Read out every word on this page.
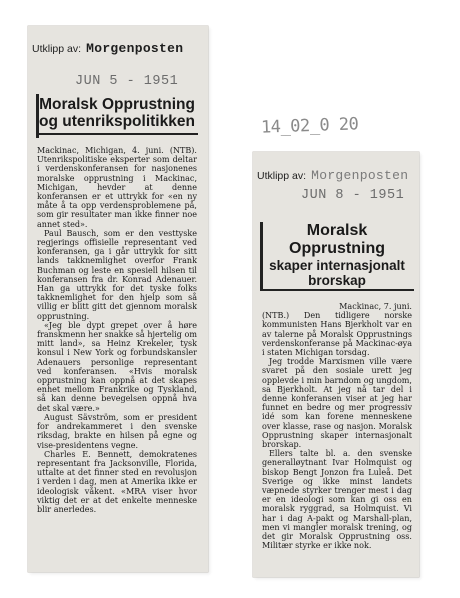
14_02_0 20
Utklipp av: Morgenposten
JUN 5 - 1951
Moralsk Opprustning
og utenrikspolitikken

Mackinac, Michigan, 4. juni. (NTB). Utenrikspolitiske eksperter som deltar i verdenskonferansen for nasjonenes moralske opprustning i Mackinac, Michigan, hevder at denne konferansen er et uttrykk for «en ny måte å ta opp verdensproblemene på, som gir resultater man ikke finner noe annet sted».

Paul Bausch, som er den vesttyske regjerings offisielle representant ved konferansen, ga i går uttrykk for sitt lands takknemlighet overfor Frank Buchman og leste en spesiell hilsen til konferansen fra dr. Konrad Adenauer. Han ga uttrykk for det tyske folks takknemlighet for den hjelp som så villig er blitt gitt det gjennom moralsk opprustning.

«Jeg ble dypt grepet over å høre franskmenn her snakke så hjertelig om mitt land», sa Heinz Krekeler, tysk konsul i New York og forbundskansler Adenauers personlige representant ved konferansen. «Hvis moralsk opprustning kan oppnå at det skapes enhet mellom Frankrike og Tyskland, så kan denne bevegelsen oppnå hva det skal være.»

August Sävström, som er president for andrekammeret i den svenske riksdag, brakte en hilsen på egne og vise-presidentens vegne.

Charles E. Bennett, demokratenes representant fra Jacksonville, Florida, uttalte at det finner sted en revolusjon i verden i dag, men at Amerika ikke er ideologisk våkent. «MRA viser hvor viktig det er at det enkelte menneske blir anerledes.

Utklipp av: Morgenposten
JUN 8 - 1951
Moralsk Opprustning
skaper internasjonalt
brorskap

Mackinac, 7. juni.

(NTB.) Den tidligere norske kommunisten Hans Bjerkholt var en av talerne på Moralsk Opprustnings verdenskonferanse på Mackinac-øya i staten Michigan torsdag.

Jeg trodde Marxismen ville være svaret på den sosiale urett jeg opplevde i min barndom og ungdom, sa Bjerkholt. At jeg nå tar del i denne konferansen viser at jeg har funnet en bedre og mer progressiv idé som kan forene menneskene over klasse, rase og nasjon. Moralsk Opprustning skaper internasjonalt brorskap.

Ellers talte bl. a. den svenske generalløytnant Ivar Holmquist og biskop Bengt Jonzon fra Luleå. Det Sverige og ikke minst landets væpnede styrker trenger mest i dag er en ideologi som kan gi oss en moralsk ryggrad, sa Holmquist. Vi har i dag A-pakt og Marshall-plan, men vi mangler moralsk trening, og det gir Moralsk Opprustning oss. Militær styrke er ikke nok.
